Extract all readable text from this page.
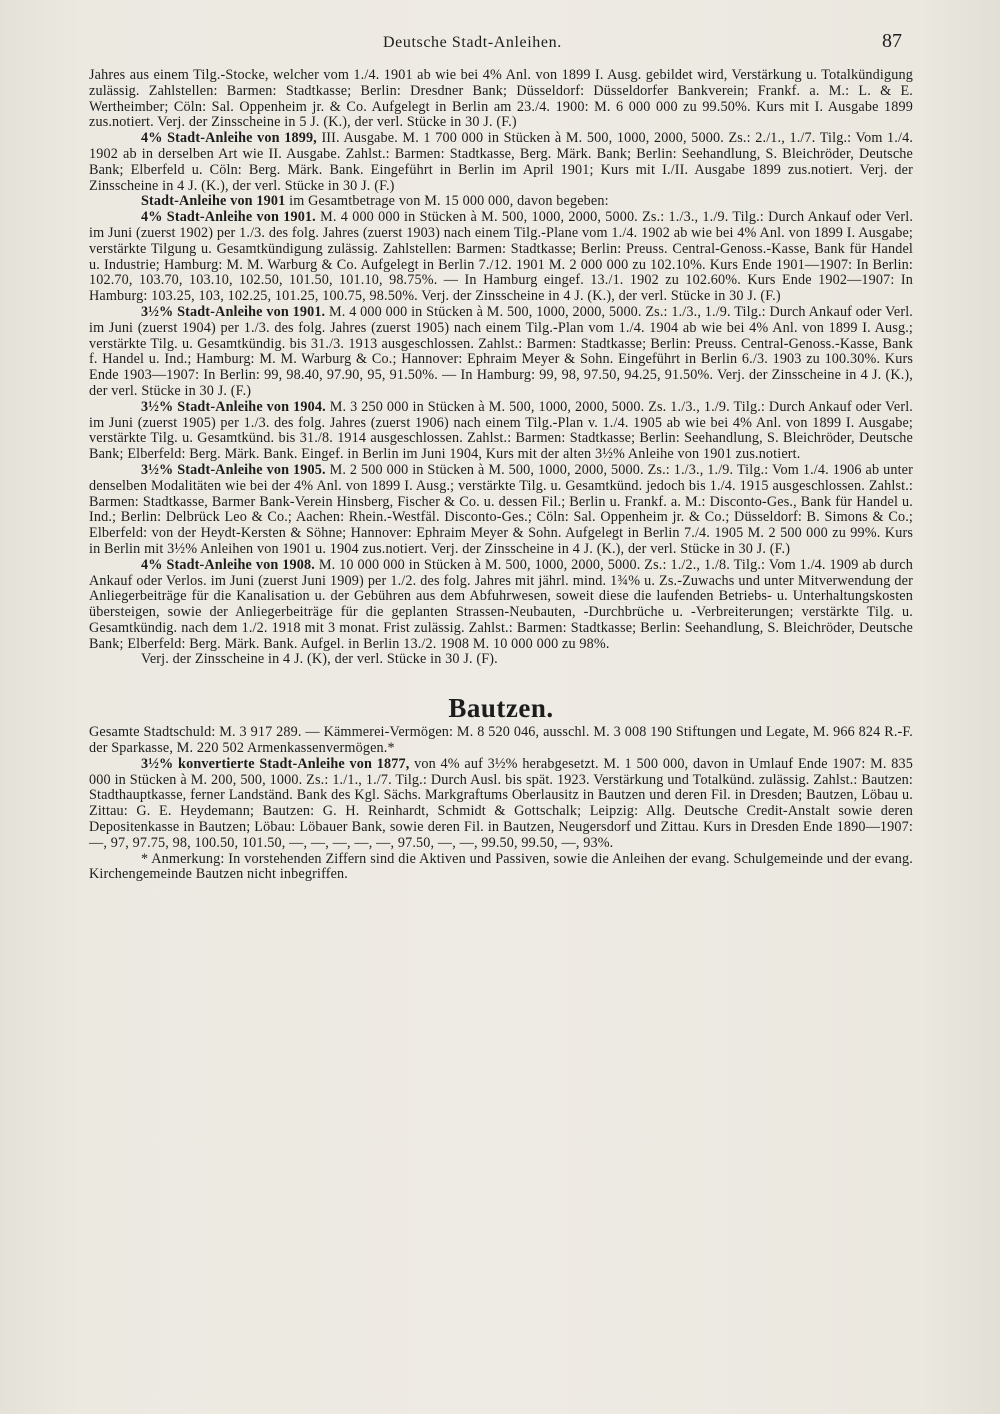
Deutsche Stadt-Anleihen.	87

Jahres aus einem Tilg.-Stocke, welcher vom 1./4. 1901 ab wie bei 4% Anl. von 1899 I. Ausg. gebildet wird, Verstärkung u. Totalkündigung zulässig. Zahlstellen: Barmen: Stadtkasse; Berlin: Dresdner Bank; Düsseldorf: Düsseldorfer Bankverein; Frankf. a. M.: L. & E. Wertheimber; Cöln: Sal. Oppenheim jr. & Co. Aufgelegt in Berlin am 23./4. 1900: M. 6 000 000 zu 99.50%. Kurs mit I. Ausgabe 1899 zus.notiert. Verj. der Zinsscheine in 5 J. (K.), der verl. Stücke in 30 J. (F.)

4% Stadt-Anleihe von 1899, III. Ausgabe. M. 1 700 000 in Stücken à M. 500, 1000, 2000, 5000. Zs.: 2./1., 1./7. Tilg.: Vom 1./4. 1902 ab in derselben Art wie II. Ausgabe. Zahlst.: Barmen: Stadtkasse, Berg. Märk. Bank; Berlin: Seehandlung, S. Bleichröder, Deutsche Bank; Elberfeld u. Cöln: Berg. Märk. Bank. Eingeführt in Berlin im April 1901; Kurs mit I./II. Ausgabe 1899 zus.notiert. Verj. der Zinsscheine in 4 J. (K.), der verl. Stücke in 30 J. (F.)

Stadt-Anleihe von 1901 im Gesamtbetrage von M. 15 000 000, davon begeben:

4% Stadt-Anleihe von 1901. M. 4 000 000 in Stücken à M. 500, 1000, 2000, 5000. Zs.: 1./3., 1./9. Tilg.: Durch Ankauf oder Verl. im Juni (zuerst 1902) per 1./3. des folg. Jahres (zuerst 1903) nach einem Tilg.-Plane vom 1./4. 1902 ab wie bei 4% Anl. von 1899 I. Ausgabe; verstärkte Tilgung u. Gesamtkündigung zulässig. Zahlstellen: Barmen: Stadtkasse; Berlin: Preuss. Central-Genoss.-Kasse, Bank für Handel u. Industrie; Hamburg: M. M. Warburg & Co. Aufgelegt in Berlin 7./12. 1901 M. 2 000 000 zu 102.10%. Kurs Ende 1901—1907: In Berlin: 102.70, 103.70, 103.10, 102.50, 101.50, 101.10, 98.75%. — In Hamburg eingef. 13./1. 1902 zu 102.60%. Kurs Ende 1902—1907: In Hamburg: 103.25, 103, 102.25, 101.25, 100.75, 98.50%. Verj. der Zinsscheine in 4 J. (K.), der verl. Stücke in 30 J. (F.)

3½% Stadt-Anleihe von 1901. M. 4 000 000 in Stücken à M. 500, 1000, 2000, 5000. Zs.: 1./3., 1./9. Tilg.: Durch Ankauf oder Verl. im Juni (zuerst 1904) per 1./3. des folg. Jahres (zuerst 1905) nach einem Tilg.-Plan vom 1./4. 1904 ab wie bei 4% Anl. von 1899 I. Ausg.; verstärkte Tilg. u. Gesamtkündig. bis 31./3. 1913 ausgeschlossen. Zahlst.: Barmen: Stadtkasse; Berlin: Preuss. Central-Genoss.-Kasse, Bank f. Handel u. Ind.; Hamburg: M. M. Warburg & Co.; Hannover: Ephraim Meyer & Sohn. Eingeführt in Berlin 6./3. 1903 zu 100.30%. Kurs Ende 1903—1907: In Berlin: 99, 98.40, 97.90, 95, 91.50%. — In Hamburg: 99, 98, 97.50, 94.25, 91.50%. Verj. der Zinsscheine in 4 J. (K.), der verl. Stücke in 30 J. (F.)

3½% Stadt-Anleihe von 1904. M. 3 250 000 in Stücken à M. 500, 1000, 2000, 5000. Zs. 1./3., 1./9. Tilg.: Durch Ankauf oder Verl. im Juni (zuerst 1905) per 1./3. des folg. Jahres (zuerst 1906) nach einem Tilg.-Plan v. 1./4. 1905 ab wie bei 4% Anl. von 1899 I. Ausgabe; verstärkte Tilg. u. Gesamtkünd. bis 31./8. 1914 ausgeschlossen. Zahlst.: Barmen: Stadtkasse; Berlin: Seehandlung, S. Bleichröder, Deutsche Bank; Elberfeld: Berg. Märk. Bank. Eingef. in Berlin im Juni 1904, Kurs mit der alten 3½% Anleihe von 1901 zus.notiert.

3½% Stadt-Anleihe von 1905. M. 2 500 000 in Stücken à M. 500, 1000, 2000, 5000. Zs.: 1./3., 1./9. Tilg.: Vom 1./4. 1906 ab unter denselben Modalitäten wie bei der 4% Anl. von 1899 I. Ausg.; verstärkte Tilg. u. Gesamtkünd. jedoch bis 1./4. 1915 ausgeschlossen. Zahlst.: Barmen: Stadtkasse, Barmer Bank-Verein Hinsberg, Fischer & Co. u. dessen Fil.; Berlin u. Frankf. a. M.: Disconto-Ges., Bank für Handel u. Ind.; Berlin: Delbrück Leo & Co.; Aachen: Rhein.-Westfäl. Disconto-Ges.; Cöln: Sal. Oppenheim jr. & Co.; Düsseldorf: B. Simons & Co.; Elberfeld: von der Heydt-Kersten & Söhne; Hannover: Ephraim Meyer & Sohn. Aufgelegt in Berlin 7./4. 1905 M. 2 500 000 zu 99%. Kurs in Berlin mit 3½% Anleihen von 1901 u. 1904 zus.notiert. Verj. der Zinsscheine in 4 J. (K.), der verl. Stücke in 30 J. (F.)

4% Stadt-Anleihe von 1908. M. 10 000 000 in Stücken à M. 500, 1000, 2000, 5000. Zs.: 1./2., 1./8. Tilg.: Vom 1./4. 1909 ab durch Ankauf oder Verlos. im Juni (zuerst Juni 1909) per 1./2. des folg. Jahres mit jährl. mind. 1¾% u. Zs.-Zuwachs und unter Mitverwendung der Anliegerbeiträge für die Kanalisation u. der Gebühren aus dem Abfuhrwesen, soweit diese die laufenden Betriebs- u. Unterhaltungskosten übersteigen, sowie der Anliegerbeiträge für die geplanten Strassen-Neubauten, -Durchbrüche u. -Verbreiterungen; verstärkte Tilg. u. Gesamtkündig. nach dem 1./2. 1918 mit 3 monat. Frist zulässig. Zahlst.: Barmen: Stadtkasse; Berlin: Seehandlung, S. Bleichröder, Deutsche Bank; Elberfeld: Berg. Märk. Bank. Aufgel. in Berlin 13./2. 1908 M. 10 000 000 zu 98%.

Verj. der Zinsscheine in 4 J. (K), der verl. Stücke in 30 J. (F).

Bautzen.

Gesamte Stadtschuld: M. 3 917 289. — Kämmerei-Vermögen: M. 8 520 046, ausschl. M. 3 008 190 Stiftungen und Legate, M. 966 824 R.-F. der Sparkasse, M. 220 502 Armenkassenvermögen.*

3½% konvertierte Stadt-Anleihe von 1877, von 4% auf 3½% herabgesetzt. M. 1 500 000, davon in Umlauf Ende 1907: M. 835 000 in Stücken à M. 200, 500, 1000. Zs.: 1./1., 1./7. Tilg.: Durch Ausl. bis spät. 1923. Verstärkung und Totalkünd. zulässig. Zahlst.: Bautzen: Stadthauptkasse, ferner Landständ. Bank des Kgl. Sächs. Markgraftums Oberlausitz in Bautzen und deren Fil. in Dresden; Bautzen, Löbau u. Zittau: G. E. Heydemann; Bautzen: G. H. Reinhardt, Schmidt & Gottschalk; Leipzig: Allg. Deutsche Credit-Anstalt sowie deren Depositenkasse in Bautzen; Löbau: Löbauer Bank, sowie deren Fil. in Bautzen, Neugersdorf und Zittau. Kurs in Dresden Ende 1890—1907: —, 97, 97.75, 98, 100.50, 101.50, —, —, —, —, —, 97.50, —, —, 99.50, 99.50, —, 93%.

* Anmerkung: In vorstehenden Ziffern sind die Aktiven und Passiven, sowie die Anleihen der evang. Schulgemeinde und der evang. Kirchengemeinde Bautzen nicht inbegriffen.
